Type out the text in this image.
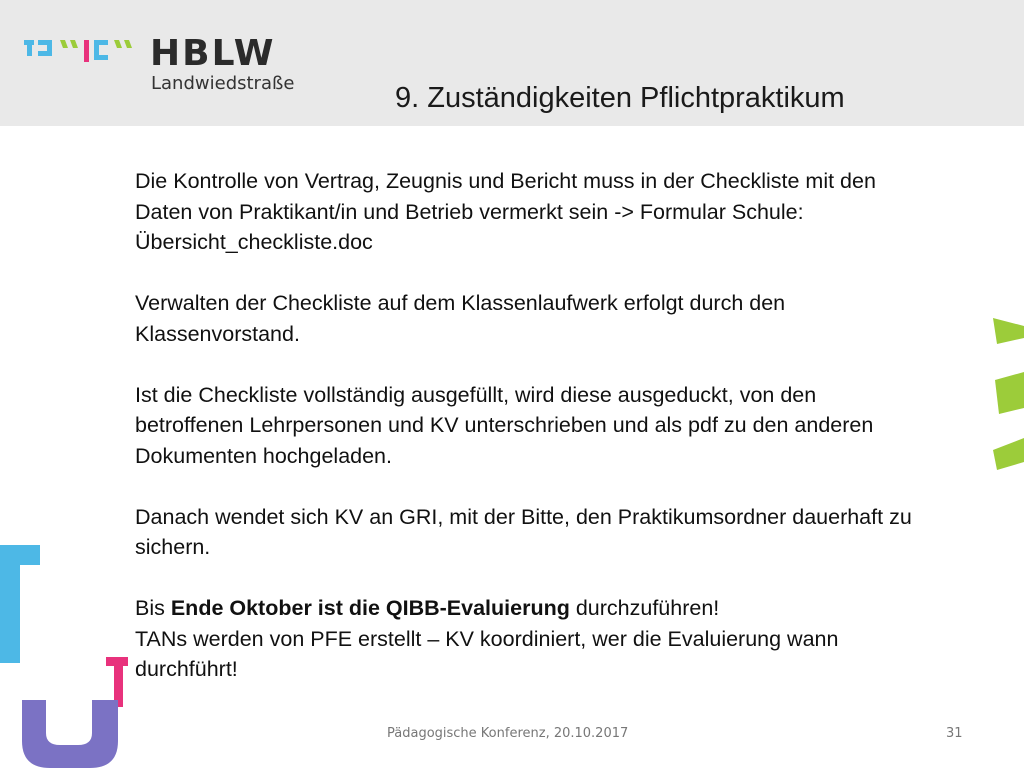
HBLW
Landwiedstraße	9. Zuständigkeiten Pflichtpraktikum

Die Kontrolle von Vertrag, Zeugnis und Bericht muss in der Checkliste mit den Daten von Praktikant/in und Betrieb vermerkt sein -> Formular Schule: Übersicht_checkliste.doc

Verwalten der Checkliste auf dem Klassenlaufwerk erfolgt durch den Klassenvorstand.

Ist die Checkliste vollständig ausgefüllt, wird diese ausgeduckt, von den betroffenen Lehrpersonen und KV unterschrieben und als pdf zu den anderen Dokumenten hochgeladen.

Danach wendet sich KV an GRI, mit der Bitte, den Praktikumsordner dauerhaft zu sichern.

Bis Ende Oktober ist die QIBB-Evaluierung durchzuführen!
TANs werden von PFE erstellt – KV koordiniert, wer die Evaluierung wann durchführt!

Pädagogische Konferenz, 20.10.2017	31
